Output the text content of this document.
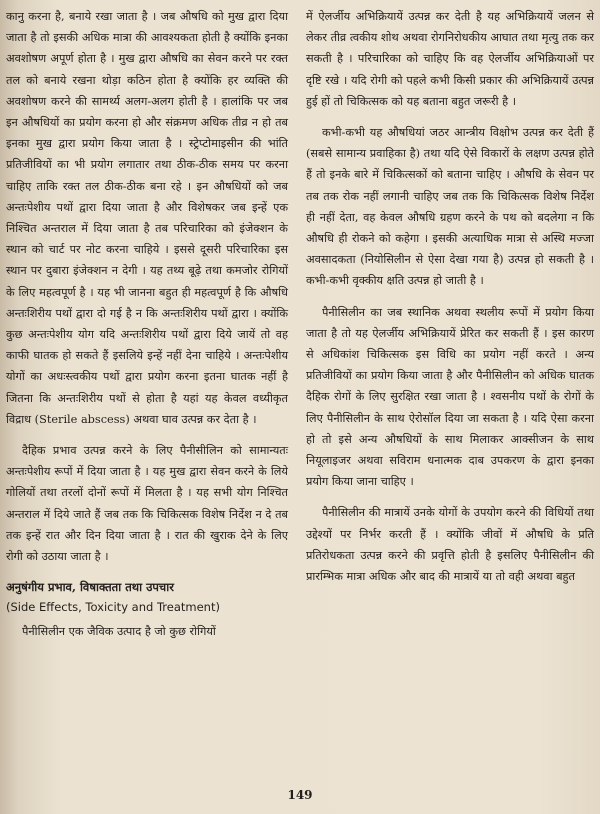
कानु करना है, बनाये रखा जाता है । जब औषधि को मुख द्वारा दिया जाता है तो इसकी अधिक मात्रा की आवश्यकता होती है क्योंकि इनका अवशोषण अपूर्ण होता है । मुख द्वारा औषधि का सेवन करने पर रक्त तल को बनाये रखना थोड़ा कठिन होता है क्योंकि हर व्यक्ति की अवशोषण करने की सामर्थ्य अलग-अलग होती है । हालांकि पर जब इन औषधियों का प्रयोग करना हो और संक्रमण अधिक तीव्र न हो तब इनका मुख द्वारा प्रयोग किया जाता है । स्ट्रेप्टोमाइसीन की भांति प्रतिजीवियों का भी प्रयोग लगातार तथा ठीक-ठीक समय पर करना चाहिए ताकि रक्त तल ठीक-ठीक बना रहे । इन औषधियों को जब अन्तःपेशीय पथों द्वारा दिया जाता है और विशेषकर जब इन्हें एक निश्चित अन्तराल में दिया जाता है तब परिचारिका को इंजेक्शन के स्थान को चार्ट पर नोट करना चाहिये । इससे दूसरी परिचारिका इस स्थान पर दुबारा इंजेक्शन न देगी । यह तथ्य बूढ़े तथा कमजोर रोगियों के लिए महत्वपूर्ण है । यह भी जानना बहुत ही महत्वपूर्ण है कि औषधि अन्तःशिरीय पथों द्वारा दो गई है न कि अन्तःशिरीय पथों द्वारा । क्योंकि कुछ अन्तःपेशीय योग यदि अन्तःशिरीय पथों द्वारा दिये जायें तो वह काफी घातक हो सकते हैं इसलिये इन्हें नहीं देना चाहिये । अन्तःपेशीय योगों का अधःस्त्वकीय पथों द्वारा प्रयोग करना इतना घातक नहीं है जितना कि अन्तःशिरीय पथों से होता है यहां यह केवल वध्यीकृत विद्राध (Sterile abscess) अथवा घाव उत्पन्न कर देता है ।

दैहिक प्रभाव उत्पन्न करने के लिए पैनीसीलिन को सामान्यतः अन्तःपेशीय रूपों में दिया जाता है । यह मुख द्वारा सेवन करने के लिये गोलियों तथा तरलों दोनों रूपों में मिलता है । यह सभी योग निश्चित अन्तराल में दिये जाते हैं जब तक कि चिकित्सक विशेष निर्देश न दे तब तक इन्हें रात और दिन दिया जाता है । रात की खुराक देने के लिए रोगी को उठाया जाता है ।

अनुषंगीय प्रभाव, विषाक्तता तथा उपचार
(Side Effects, Toxicity and Treatment)

पैनीसिलीन एक जैविक उत्पाद है जो कुछ रोगियों

में ऐलर्जीय अभिक्रियायें उत्पन्न कर देती है यह अभिक्रियायें जलन से लेकर तीव्र त्वकीय शोथ अथवा रोगनिरोधकीय आघात तथा मृत्यु तक कर सकती है । परिचारिका को चाहिए कि वह ऐलर्जीय अभिक्रियाओं पर दृष्टि रखे । यदि रोगी को पहले कभी किसी प्रकार की अभिक्रियायें उत्पन्न हुई हों तो चिकित्सक को यह बताना बहुत जरूरी है ।

कभी-कभी यह औषधियां जठर आन्त्रीय विक्षोभ उत्पन्न कर देती हैं (सबसे सामान्य प्रवाहिका है) तथा यदि ऐसे विकारों के लक्षण उत्पन्न होते हैं तो इनके बारे में चिकित्सकों को बताना चाहिए । औषधि के सेवन पर तब तक रोक नहीं लगानी चाहिए जब तक कि चिकित्सक विशेष निर्देश ही नहीं देता, वह केवल औषधि ग्रहण करने के पथ को बदलेगा न कि औषधि ही रोकने को कहेगा । इसकी अत्याधिक मात्रा से अस्थि मज्जा अवसादकता (नियोसिलीन से ऐसा देखा गया है) उत्पन्न हो सकती है । कभी-कभी वृक्कीय क्षति उत्पन्न हो जाती है ।

पैनीसिलीन का जब स्थानिक अथवा स्थलीय रूपों में प्रयोग किया जाता है तो यह ऐलर्जीय अभिक्रियायें प्रेरित कर सकती हैं । इस कारण से अधिकांश चिकित्सक इस विधि का प्रयोग नहीं करते । अन्य प्रतिजीवियों का प्रयोग किया जाता है और पैनीसिलीन को अधिक घातक दैहिक रोगों के लिए सुरक्षित रखा जाता है । श्वसनीय पथों के रोगों के लिए पैनीसिलीन के साथ ऐरोसॉल दिया जा सकता है । यदि ऐसा करना हो तो इसे अन्य औषधियों के साथ मिलाकर आक्सीजन के साथ नियूलाइजर अथवा सविराम धनात्मक दाब उपकरण के द्वारा इनका प्रयोग किया जाना चाहिए ।

पैनीसिलीन की मात्रायें उनके योगों के उपयोग करने की विधियों तथा उद्देश्यों पर निर्भर करती हैं । क्योंकि जीवों में औषधि के प्रति प्रतिरोधकता उत्पन्न करने की प्रवृत्ति होती है इसलिए पैनीसिलीन की प्रारम्भिक मात्रा अधिक और बाद की मात्रायें या तो वही अथवा बहुत

149
